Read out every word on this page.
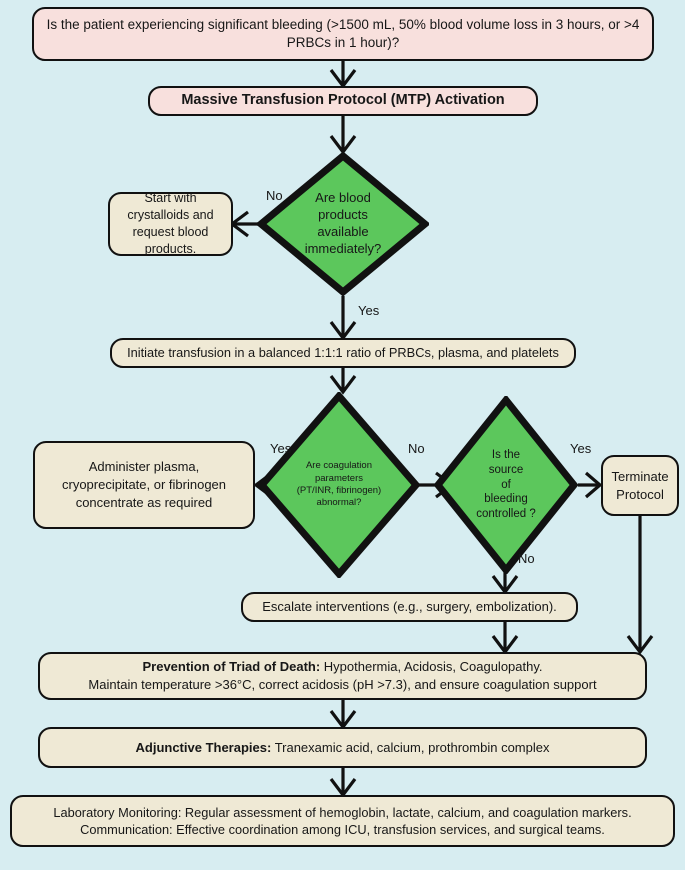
Is the patient experiencing significant bleeding (>1500 mL, 50% blood volume loss in 3 hours, or >4 PRBCs in 1 hour)?
Massive Transfusion Protocol (MTP) Activation
Are blood
products
available
immediately?
No
Yes
Start with crystalloids and request blood products.
Initiate transfusion in a balanced 1:1:1 ratio of PRBCs, plasma, and platelets
Are coagulation
parameters
(PT/INR, fibrinogen)
abnormal?
Yes	No
Administer plasma, cryoprecipitate, or fibrinogen concentrate as required
Is the
source
of
bleeding
controlled ?
Yes
No
Terminate Protocol
Escalate interventions (e.g., surgery, embolization).
Prevention of Triad of Death: Hypothermia, Acidosis, Coagulopathy.
Maintain temperature >36°C, correct acidosis (pH >7.3), and ensure coagulation support
Adjunctive Therapies: Tranexamic acid, calcium, prothrombin complex
Laboratory Monitoring: Regular assessment of hemoglobin, lactate, calcium, and coagulation markers.
Communication: Effective coordination among ICU, transfusion services, and surgical teams.
